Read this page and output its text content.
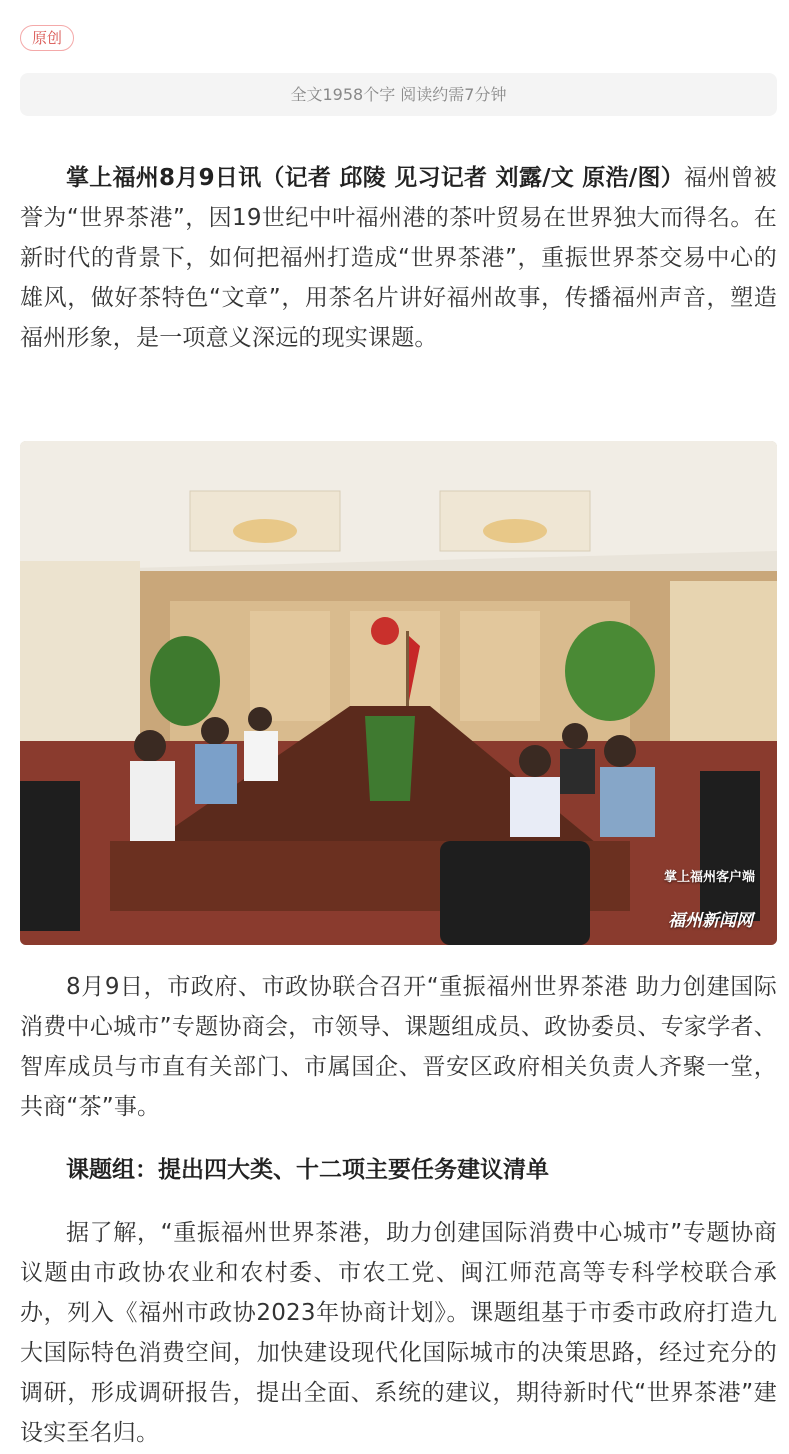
原创
全文1958个字 阅读约需7分钟

掌上福州8月9日讯（记者 邱陵 见习记者 刘露/文 原浩/图）福州曾被誉为“世界茶港”，因19世纪中叶福州港的茶叶贸易在世界独大而得名。在新时代的背景下，如何把福州打造成“世界茶港”，重振世界茶交易中心的雄风，做好茶特色“文章”，用茶名片讲好福州故事，传播福州声音，塑造福州形象，是一项意义深远的现实课题。

掌上福州客户端
福州新闻网

8月9日，市政府、市政协联合召开“重振福州世界茶港 助力创建国际消费中心城市”专题协商会，市领导、课题组成员、政协委员、专家学者、智库成员与市直有关部门、市属国企、晋安区政府相关负责人齐聚一堂，共商“茶”事。

课题组：提出四大类、十二项主要任务建议清单

据了解，“重振福州世界茶港，助力创建国际消费中心城市”专题协商议题由市政协农业和农村委、市农工党、闽江师范高等专科学校联合承办，列入《福州市政协2023年协商计划》。课题组基于市委市政府打造九大国际特色消费空间，加快建设现代化国际城市的决策思路，经过充分的调研，形成调研报告，提出全面、系统的建议，期待新时代“世界茶港”建设实至名归。
